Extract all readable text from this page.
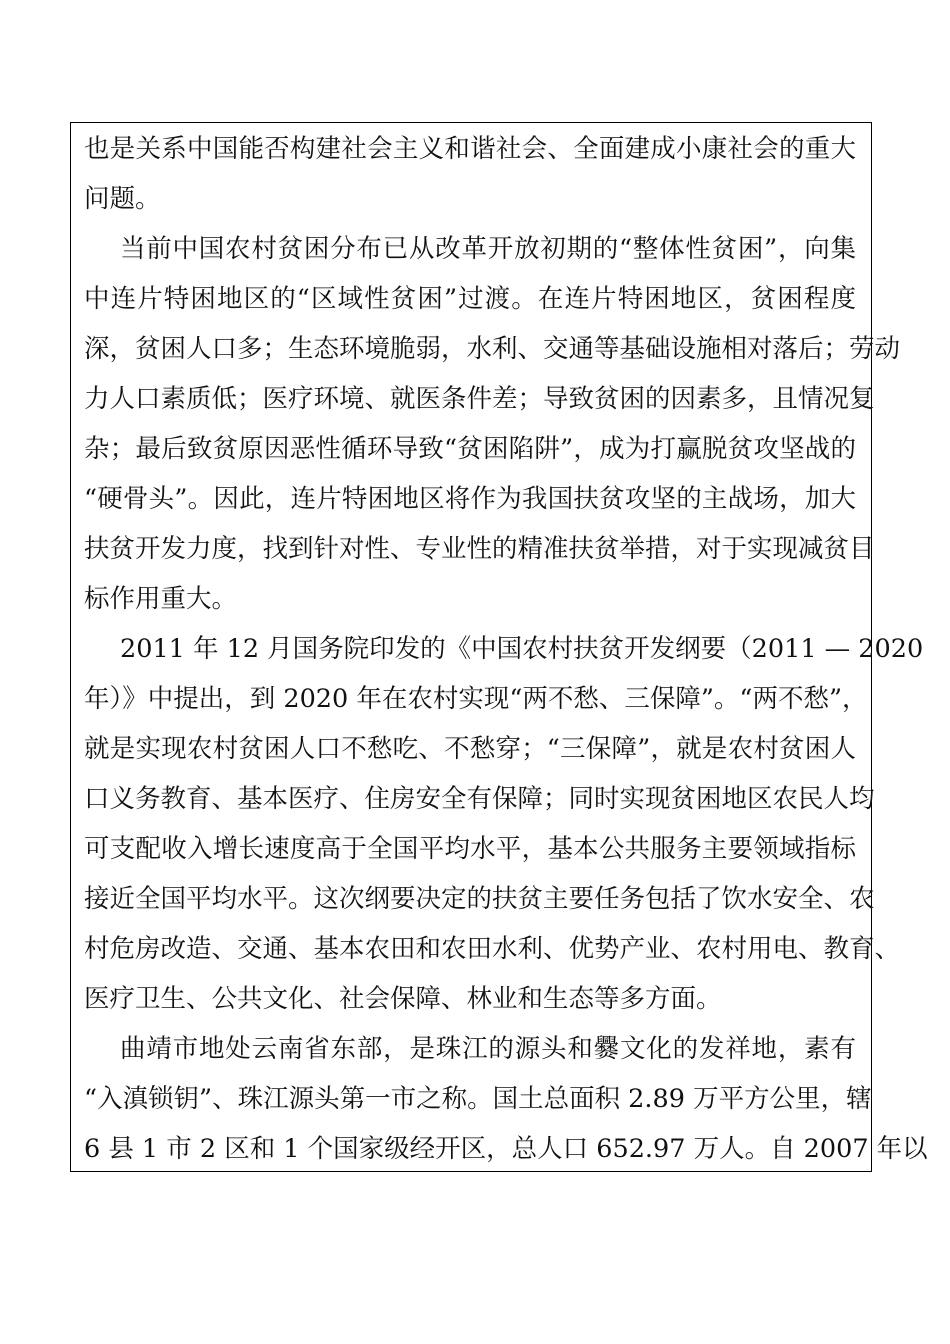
也是关系中国能否构建社会主义和谐社会、全面建成小康社会的重大
问题。
当前中国农村贫困分布已从改革开放初期的“整体性贫困”，向集
中连片特困地区的“区域性贫困”过渡。在连片特困地区，贫困程度
深，贫困人口多；生态环境脆弱，水利、交通等基础设施相对落后；劳动
力人口素质低；医疗环境、就医条件差；导致贫困的因素多，且情况复
杂；最后致贫原因恶性循环导致“贫困陷阱”，成为打赢脱贫攻坚战的
“硬骨头”。因此，连片特困地区将作为我国扶贫攻坚的主战场，加大
扶贫开发力度，找到针对性、专业性的精准扶贫举措，对于实现减贫目
标作用重大。
2011 年 12 月国务院印发的《中国农村扶贫开发纲要（2011 — 2020
年）》中提出，到 2020 年在农村实现“两不愁、三保障”。“两不愁”，
就是实现农村贫困人口不愁吃、不愁穿；“三保障”，就是农村贫困人
口义务教育、基本医疗、住房安全有保障；同时实现贫困地区农民人均
可支配收入增长速度高于全国平均水平，基本公共服务主要领域指标
接近全国平均水平。这次纲要决定的扶贫主要任务包括了饮水安全、农
村危房改造、交通、基本农田和农田水利、优势产业、农村用电、教育、
医疗卫生、公共文化、社会保障、林业和生态等多方面。
曲靖市地处云南省东部，是珠江的源头和爨文化的发祥地，素有
“入滇锁钥”、珠江源头第一市之称。国土总面积 2.89 万平方公里，辖
6 县 1 市 2 区和 1 个国家级经开区，总人口 652.97 万人。自 2007 年以
